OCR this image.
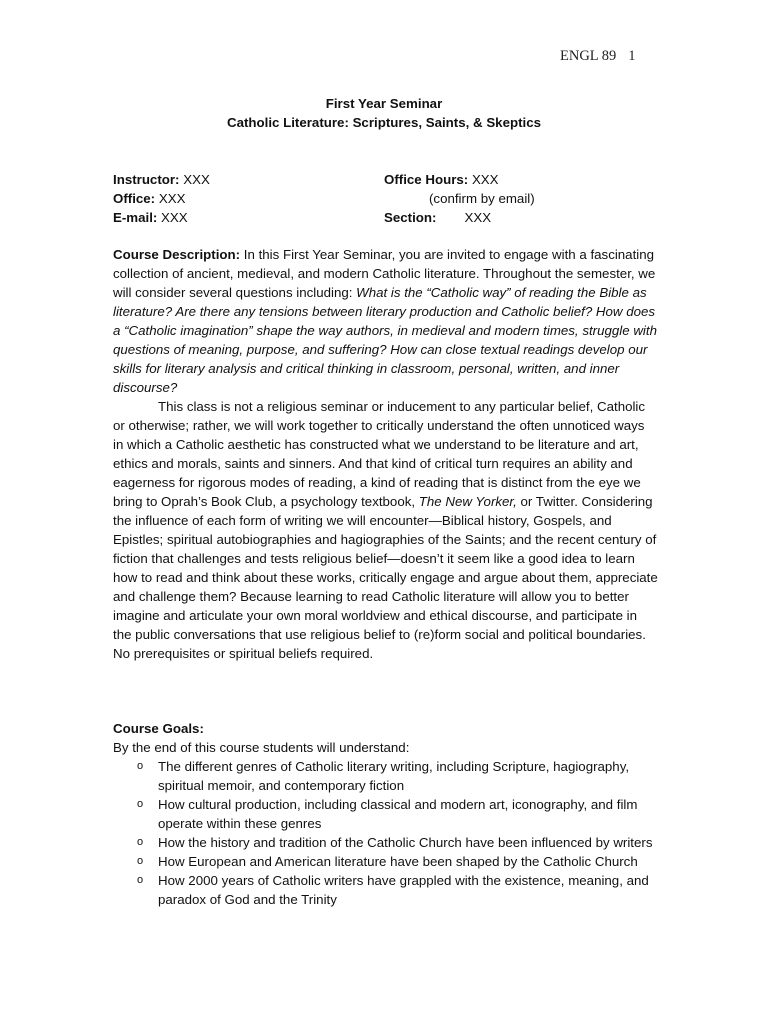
ENGL 89 1
First Year Seminar
Catholic Literature: Scriptures, Saints, & Skeptics
Instructor: XXX
Office: XXX
E-mail: XXX
Office Hours: XXX
(confirm by email)
Section: XXX

Course Description: In this First Year Seminar, you are invited to engage with a fascinating collection of ancient, medieval, and modern Catholic literature. Throughout the semester, we will consider several questions including: What is the “Catholic way” of reading the Bible as literature? Are there any tensions between literary production and Catholic belief? How does a “Catholic imagination” shape the way authors, in medieval and modern times, struggle with questions of meaning, purpose, and suffering? How can close textual readings develop our skills for literary analysis and critical thinking in classroom, personal, written, and inner discourse?

This class is not a religious seminar or inducement to any particular belief, Catholic or otherwise; rather, we will work together to critically understand the often unnoticed ways in which a Catholic aesthetic has constructed what we understand to be literature and art, ethics and morals, saints and sinners. And that kind of critical turn requires an ability and eagerness for rigorous modes of reading, a kind of reading that is distinct from the eye we bring to Oprah’s Book Club, a psychology textbook, The New Yorker, or Twitter. Considering the influence of each form of writing we will encounter—Biblical history, Gospels, and Epistles; spiritual autobiographies and hagiographies of the Saints; and the recent century of fiction that challenges and tests religious belief—doesn’t it seem like a good idea to learn how to read and think about these works, critically engage and argue about them, appreciate and challenge them? Because learning to read Catholic literature will allow you to better imagine and articulate your own moral worldview and ethical discourse, and participate in the public conversations that use religious belief to (re)form social and political boundaries. No prerequisites or spiritual beliefs required.

Course Goals:
By the end of this course students will understand:
o The different genres of Catholic literary writing, including Scripture, hagiography, spiritual memoir, and contemporary fiction
o How cultural production, including classical and modern art, iconography, and film operate within these genres
o How the history and tradition of the Catholic Church have been influenced by writers
o How European and American literature have been shaped by the Catholic Church
o How 2000 years of Catholic writers have grappled with the existence, meaning, and paradox of God and the Trinity
